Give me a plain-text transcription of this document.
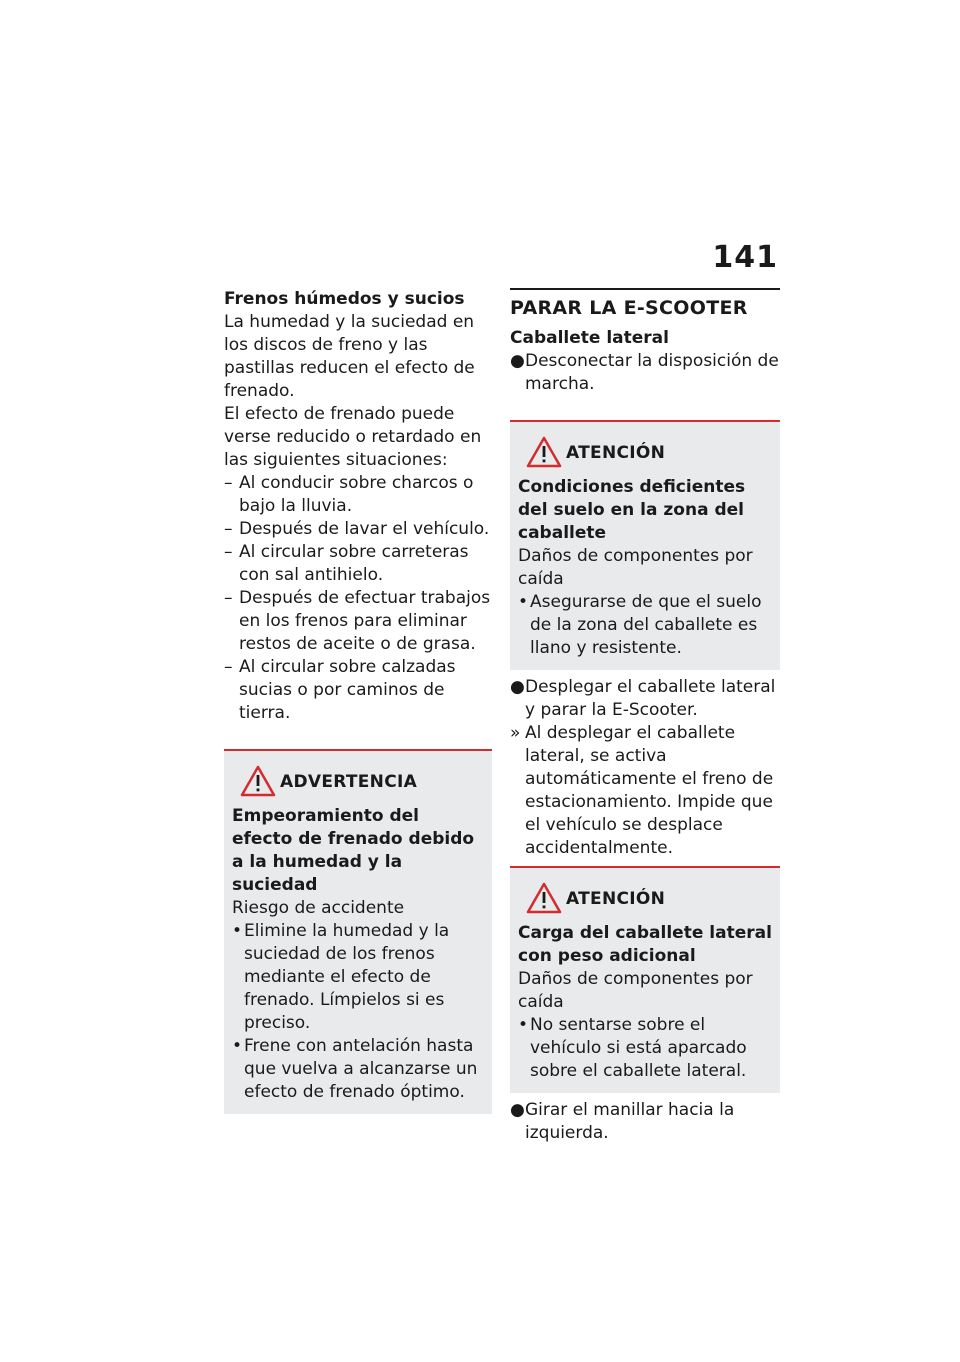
141
Frenos húmedos y sucios

La humedad y la suciedad en los discos de freno y las pastillas reducen el efecto de frenado.

El efecto de frenado puede verse reducido o retardado en las siguientes situaciones:

– Al conducir sobre charcos o bajo la lluvia.
– Después de lavar el vehículo.
– Al circular sobre carreteras con sal antihielo.
– Después de efectuar trabajos en los frenos para eliminar restos de aceite o de grasa.
– Al circular sobre calzadas sucias o por caminos de tierra.
ADVERTENCIA

Empeoramiento del efecto de frenado debido a la humedad y la suciedad

Riesgo de accidente

• Elimine la humedad y la suciedad de los frenos mediante el efecto de frenado. Límpielos si es preciso.
• Frene con antelación hasta que vuelva a alcanzarse un efecto de frenado óptimo.
PARAR LA E-SCOOTER
Caballete lateral
● Desconectar la disposición de marcha.
ATENCIÓN

Condiciones deficientes del suelo en la zona del caballete

Daños de componentes por caída

• Asegurarse de que el suelo de la zona del caballete es llano y resistente.
● Desplegar el caballete lateral y parar la E-Scooter.
» Al desplegar el caballete lateral, se activa automáticamente el freno de estacionamiento. Impide que el vehículo se desplace accidentalmente.
ATENCIÓN

Carga del caballete lateral con peso adicional

Daños de componentes por caída

• No sentarse sobre el vehículo si está aparcado sobre el caballete lateral.
● Girar el manillar hacia la izquierda.
